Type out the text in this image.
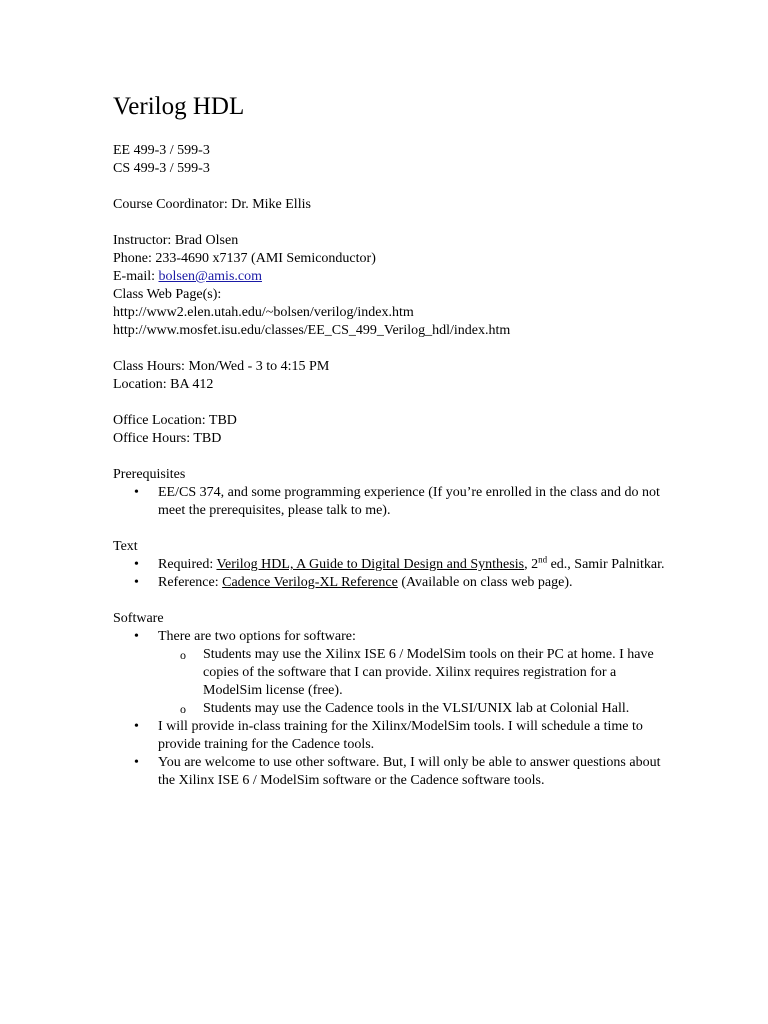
Verilog HDL
EE 499-3 / 599-3
CS 499-3 / 599-3
Course Coordinator: Dr. Mike Ellis
Instructor: Brad Olsen
Phone: 233-4690 x7137 (AMI Semiconductor)
E-mail: bolsen@amis.com
Class Web Page(s):
http://www2.elen.utah.edu/~bolsen/verilog/index.htm
http://www.mosfet.isu.edu/classes/EE_CS_499_Verilog_hdl/index.htm
Class Hours: Mon/Wed - 3 to 4:15 PM
Location: BA 412
Office Location: TBD
Office Hours: TBD
Prerequisites
• EE/CS 374, and some programming experience (If you’re enrolled in the class and do not meet the prerequisites, please talk to me).
Text
• Required: Verilog HDL, A Guide to Digital Design and Synthesis, 2nd ed., Samir Palnitkar.
• Reference: Cadence Verilog-XL Reference (Available on class web page).
Software
• There are two options for software:
o Students may use the Xilinx ISE 6 / ModelSim tools on their PC at home. I have copies of the software that I can provide. Xilinx requires registration for a ModelSim license (free).
o Students may use the Cadence tools in the VLSI/UNIX lab at Colonial Hall.
• I will provide in-class training for the Xilinx/ModelSim tools. I will schedule a time to provide training for the Cadence tools.
• You are welcome to use other software. But, I will only be able to answer questions about the Xilinx ISE 6 / ModelSim software or the Cadence software tools.
